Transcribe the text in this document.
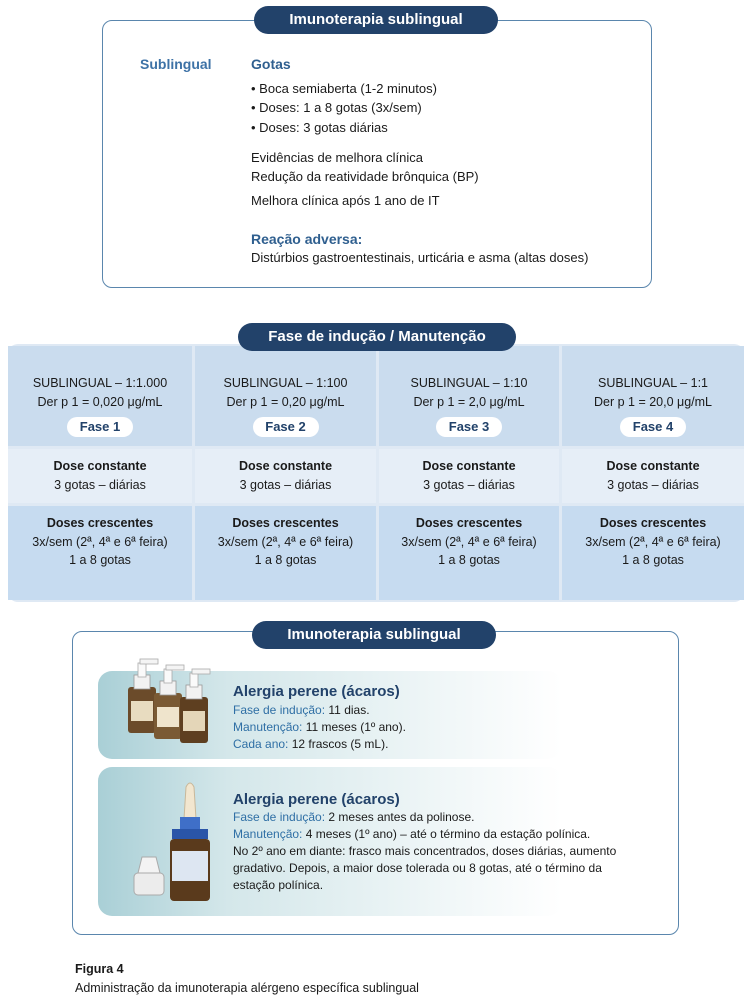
Imunoterapia sublingual
Sublingual	Gotas
• Boca semiaberta (1-2 minutos)
• Doses: 1 a 8 gotas (3x/sem)
• Doses: 3 gotas diárias
Evidências de melhora clínica
Redução da reatividade brônquica (BP)
Melhora clínica após 1 ano de IT
Reação adversa:
Distúrbios gastroentestinais, urticária e asma (altas doses)
SUBLINGUAL – 1:1.000
Der p 1 = 0,020 μg/mL
Fase 1
Dose constante
3 gotas – diárias
Doses crescentes
3x/sem (2ª, 4ª e 6ª feira)
1 a 8 gotas
SUBLINGUAL – 1:100
Der p 1 = 0,20 μg/mL
Fase 2
Dose constante
3 gotas – diárias
Doses crescentes
3x/sem (2ª, 4ª e 6ª feira)
1 a 8 gotas
SUBLINGUAL – 1:10
Der p 1 = 2,0 μg/mL
Fase 3
Dose constante
3 gotas – diárias
Doses crescentes
3x/sem (2ª, 4ª e 6ª feira)
1 a 8 gotas
SUBLINGUAL – 1:1
Der p 1 = 20,0 μg/mL
Fase 4
Dose constante
3 gotas – diárias
Doses crescentes
3x/sem (2ª, 4ª e 6ª feira)
1 a 8 gotas
Fase de indução / Manutenção
Imunoterapia sublingual
Alergia perene (ácaros)
Fase de indução: 11 dias.
Manutenção: 11 meses (1º ano).
Cada ano: 12 frascos (5 mL).
Alergia perene (ácaros)
Fase de indução: 2 meses antes da polinose.
Manutenção: 4 meses (1º ano) – até o término da estação polínica.
No 2º ano em diante: frasco mais concentrados, doses diárias, aumento
gradativo. Depois, a maior dose tolerada ou 8 gotas, até o término da
estação polínica.
Figura 4
Administração da imunoterapia alérgeno específica sublingual
